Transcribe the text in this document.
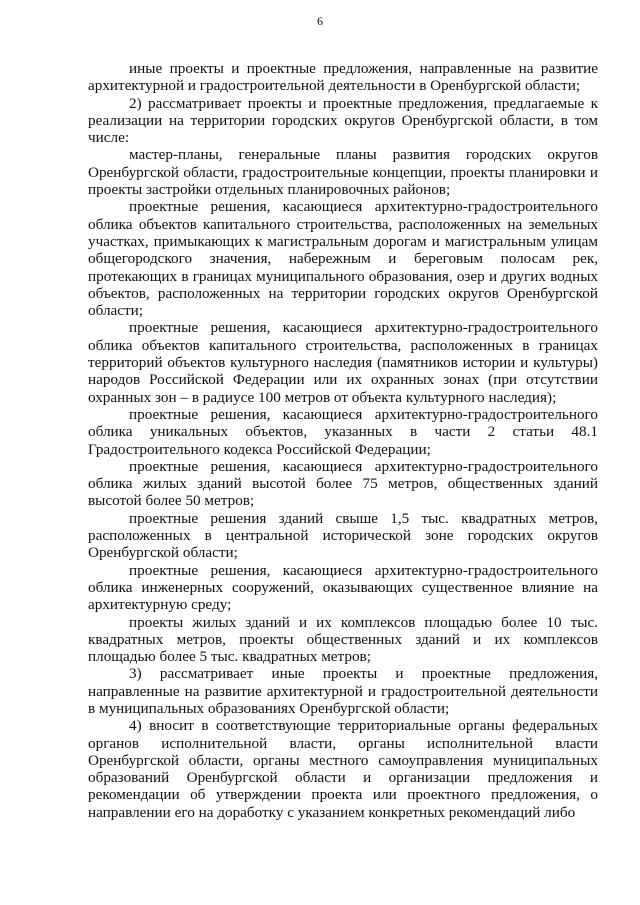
6

иные проекты и проектные предложения, направленные на развитие архитектурной и градостроительной деятельности в Оренбургской области;

2) рассматривает проекты и проектные предложения, предлагаемые к реализации на территории городских округов Оренбургской области, в том числе:

мастер-планы, генеральные планы развития городских округов Оренбургской области, градостроительные концепции, проекты планировки и проекты застройки отдельных планировочных районов;

проектные решения, касающиеся архитектурно-градостроительного облика объектов капитального строительства, расположенных на земельных участках, примыкающих к магистральным дорогам и магистральным улицам общегородского значения, набережным и береговым полосам рек, протекающих в границах муниципального образования, озер и других водных объектов, расположенных на территории городских округов Оренбургской области;

проектные решения, касающиеся архитектурно-градостроительного облика объектов капитального строительства, расположенных в границах территорий объектов культурного наследия (памятников истории и культуры) народов Российской Федерации или их охранных зонах (при отсутствии охранных зон – в радиусе 100 метров от объекта культурного наследия);

проектные решения, касающиеся архитектурно-градостроительного облика уникальных объектов, указанных в части 2 статьи 48.1 Градостроительного кодекса Российской Федерации;

проектные решения, касающиеся архитектурно-градостроительного облика жилых зданий высотой более 75 метров, общественных зданий высотой более 50 метров;

проектные решения зданий свыше 1,5 тыс. квадратных метров, расположенных в центральной исторической зоне городских округов Оренбургской области;

проектные решения, касающиеся архитектурно-градостроительного облика инженерных сооружений, оказывающих существенное влияние на архитектурную среду;

проекты жилых зданий и их комплексов площадью более 10 тыс. квадратных метров, проекты общественных зданий и их комплексов площадью более 5 тыс. квадратных метров;

3) рассматривает иные проекты и проектные предложения, направленные на развитие архитектурной и градостроительной деятельности в муниципальных образованиях Оренбургской области;

4) вносит в соответствующие территориальные органы федеральных органов исполнительной власти, органы исполнительной власти Оренбургской области, органы местного самоуправления муниципальных образований Оренбургской области и организации предложения и рекомендации об утверждении проекта или проектного предложения, о направлении его на доработку с указанием конкретных рекомендаций либо
